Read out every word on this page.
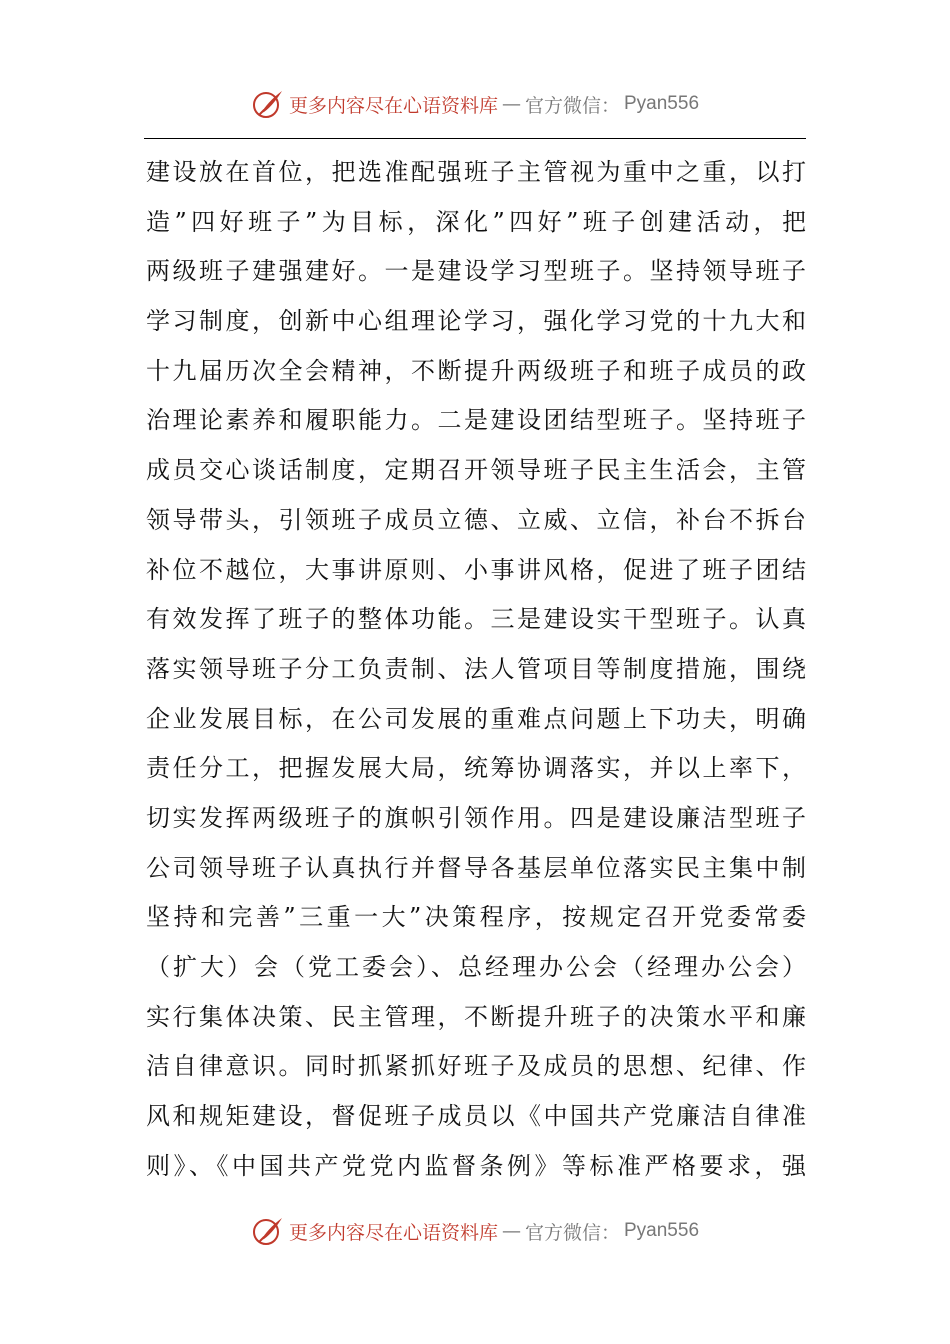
更多内容尽在心语资料库 — 官方微信： Pyan556
建设放在首位，把选准配强班子主管视为重中之重，以打
造”四好班子”为目标，深化”四好”班子创建活动，把
两级班子建强建好。一是建设学习型班子。坚持领导班子
学习制度，创新中心组理论学习，强化学习党的十九大和
十九届历次全会精神，不断提升两级班子和班子成员的政
治理论素养和履职能力。二是建设团结型班子。坚持班子
成员交心谈话制度，定期召开领导班子民主生活会，主管
领导带头，引领班子成员立德、立威、立信，补台不拆台
补位不越位，大事讲原则、小事讲风格，促进了班子团结
有效发挥了班子的整体功能。三是建设实干型班子。认真
落实领导班子分工负责制、法人管项目等制度措施，围绕
企业发展目标，在公司发展的重难点问题上下功夫，明确
责任分工，把握发展大局，统筹协调落实，并以上率下，
切实发挥两级班子的旗帜引领作用。四是建设廉洁型班子
公司领导班子认真执行并督导各基层单位落实民主集中制
坚持和完善”三重一大”决策程序，按规定召开党委常委
（扩大）会（党工委会）、总经理办公会（经理办公会）
实行集体决策、民主管理，不断提升班子的决策水平和廉
洁自律意识。同时抓紧抓好班子及成员的思想、纪律、作
风和规矩建设，督促班子成员以《中国共产党廉洁自律准
则》、《中国共产党党内监督条例》等标准严格要求，强
更多内容尽在心语资料库 — 官方微信： Pyan556
